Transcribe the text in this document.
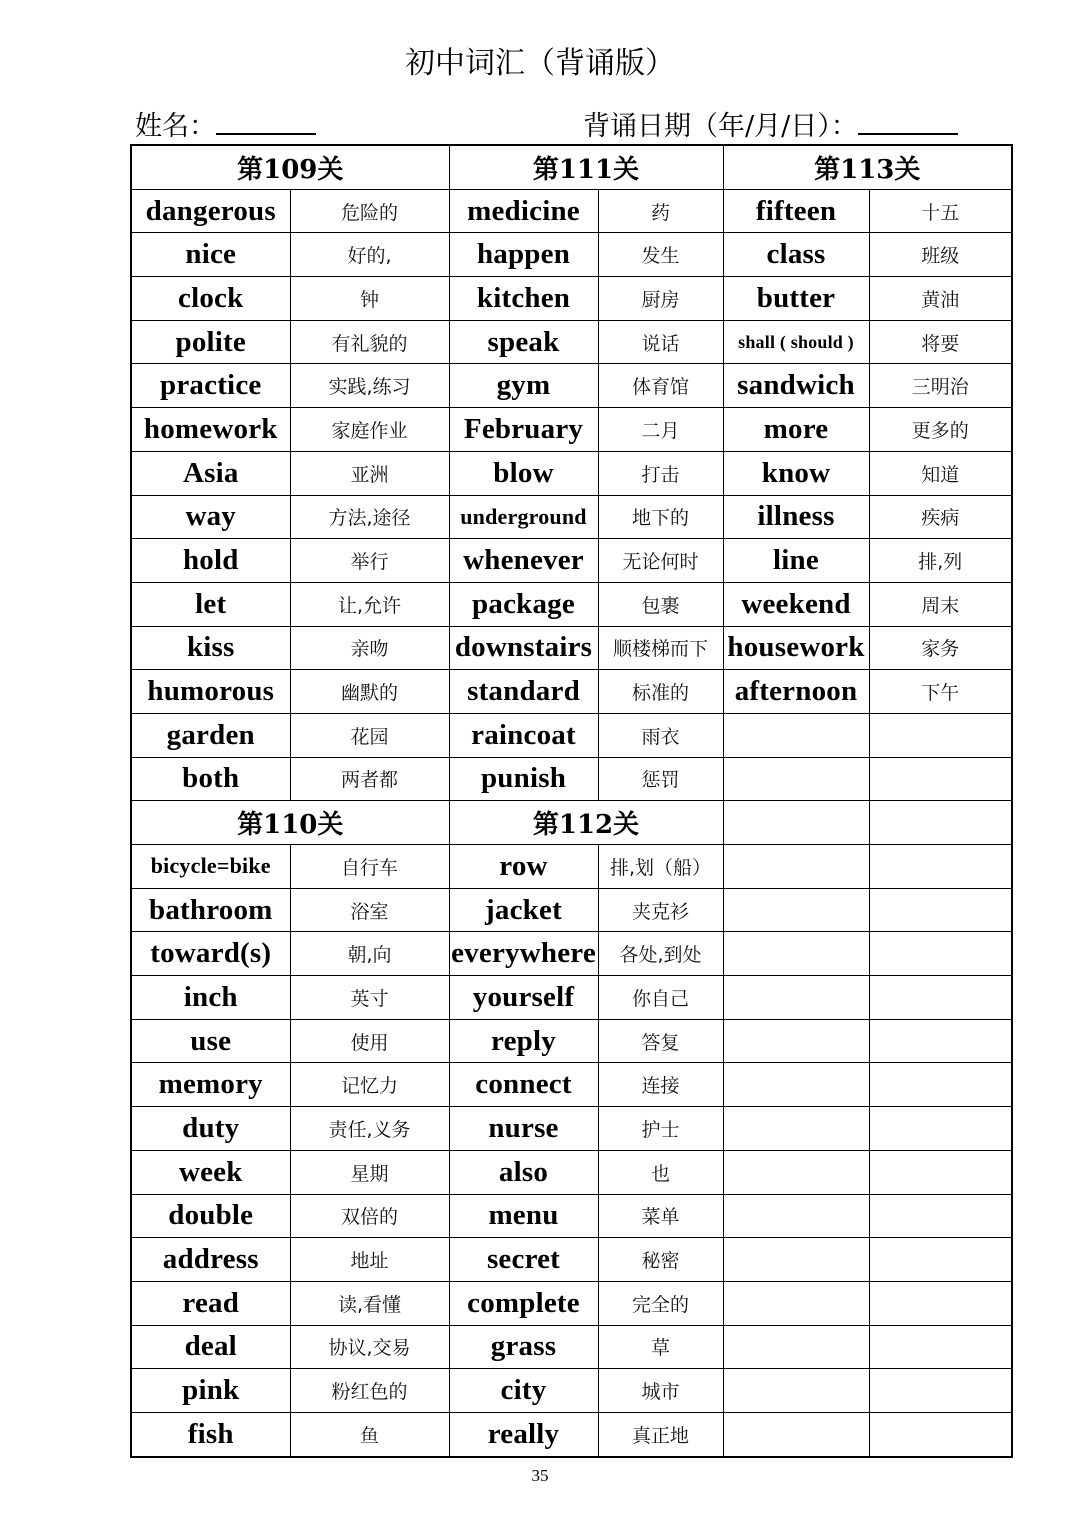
初中词汇（背诵版）
姓名：	背诵日期（年/月/日）：
第109关		第111关		第113关	
dangerous	危险的	medicine	药	fifteen	十五
nice	好的,	happen	发生	class	班级
clock	钟	kitchen	厨房	butter	黄油
polite	有礼貌的	speak	说话	shall ( should )	将要
practice	实践,练习	gym	体育馆	sandwich	三明治
homework	家庭作业	February	二月	more	更多的
Asia	亚洲	blow	打击	know	知道
way	方法,途径	underground	地下的	illness	疾病
hold	举行	whenever	无论何时	line	排,列
let	让,允许	package	包裹	weekend	周末
kiss	亲吻	downstairs	顺楼梯而下	housework	家务
humorous	幽默的	standard	标准的	afternoon	下午
garden	花园	raincoat	雨衣		
both	两者都	punish	惩罚		
第110关		第112关			
bicycle=bike	自行车	row	排,划（船）		
bathroom	浴室	jacket	夹克衫		
toward(s)	朝,向	everywhere	各处,到处		
inch	英寸	yourself	你自己		
use	使用	reply	答复		
memory	记忆力	connect	连接		
duty	责任,义务	nurse	护士		
week	星期	also	也		
double	双倍的	menu	菜单		
address	地址	secret	秘密		
read	读,看懂	complete	完全的		
deal	协议,交易	grass	草		
pink	粉红色的	city	城市		
fish	鱼	really	真正地		
35
